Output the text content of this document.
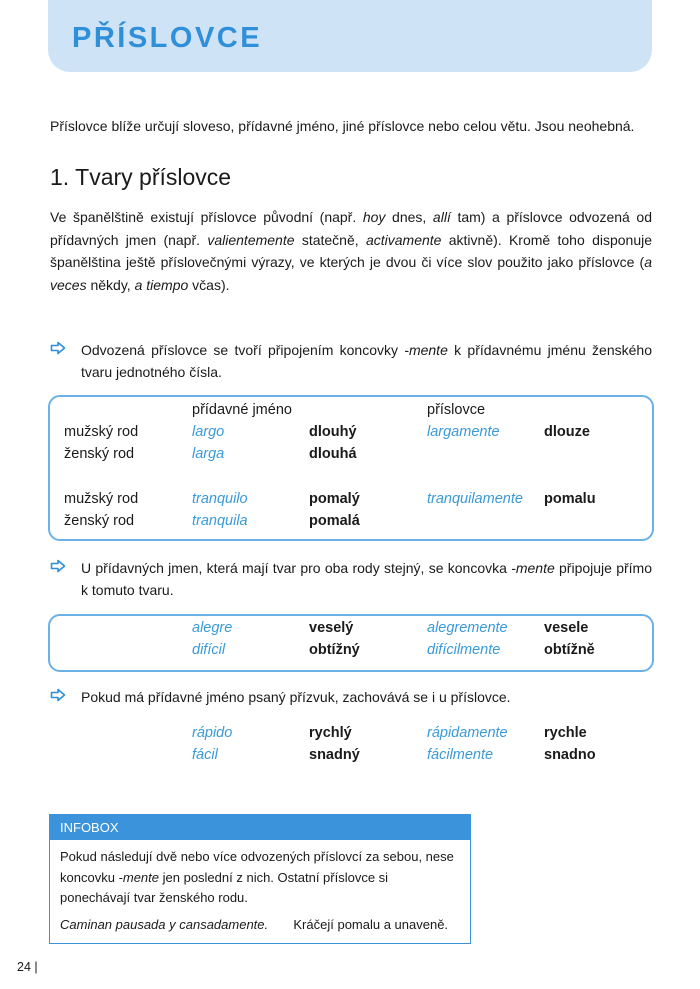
PŘÍSLOVCE
Příslovce blíže určují sloveso, přídavné jméno, jiné příslovce nebo celou větu. Jsou neohebná.
1. Tvary příslovce
Ve španělštině existují příslovce původní (např. hoy dnes, allí tam) a příslovce odvozená od přídavných jmen (např. valientemente statečně, activamente aktivně). Kromě toho disponuje španělština ještě příslovečnými výrazy, ve kterých je dvou či více slov použito jako příslovce (a veces někdy, a tiempo včas).
Odvozená příslovce se tvoří připojením koncovky -mente k přídavnému jménu ženského tvaru jednotného čísla.
přídavné jméno	příslovce
mužský rod	largo	dlouhý	largamente	dlouze
ženský rod	larga	dlouhá
mužský rod	tranquilo	pomalý	tranquilamente pomalu
ženský rod	tranquila	pomalá
U přídavných jmen, která mají tvar pro oba rody stejný, se koncovka -mente připojuje přímo k tomuto tvaru.
alegre	veselý	alegremente	vesele
difícil	obtížný	difícilmente	obtížně
Pokud má přídavné jméno psaný přízvuk, zachovává se i u příslovce.
rápido	rychlý	rápidamente	rychle
fácil	snadný	fácilmente	snadno
INFOBOX
Pokud následují dvě nebo více odvozených příslovcí za sebou, nese koncovku -mente jen poslední z nich. Ostatní příslovce si ponechávají tvar ženského rodu.
Caminan pausada y cansadamente. Kráčejí pomalu a unaveně.
24 |
